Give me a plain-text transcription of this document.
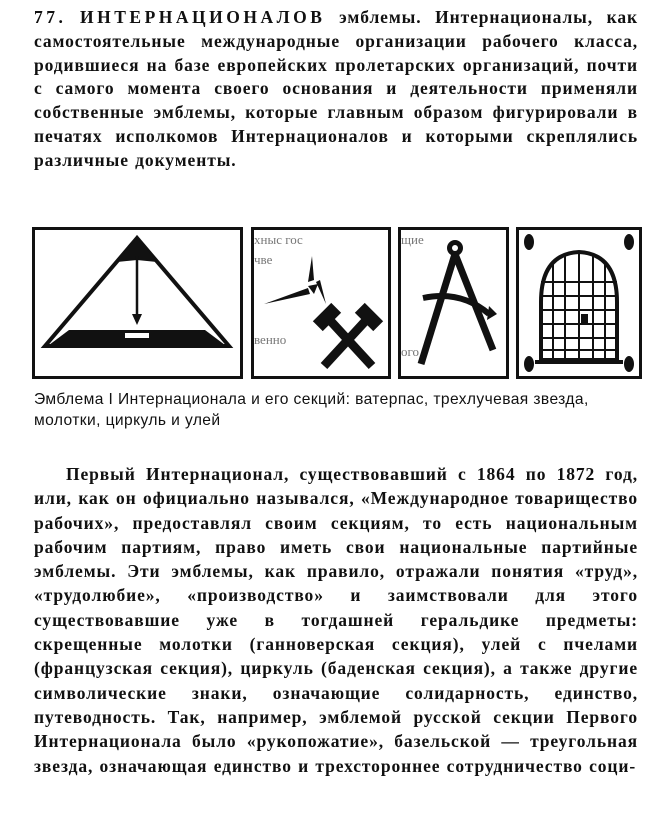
77. ИНТЕРНАЦИОНАЛОВ эмблемы. Интернационалы, как самостоятельные международные организации рабочего класса, родившиеся на базе европейских пролетарских организаций, почти с самого момента своего основания и деятельности применяли собственные эмблемы, которые главным образом фигурировали в печатях исполкомов Интернационалов и которыми скреплялись различные документы.

хныс гос
чве
венно
щие
ого

Эмблема I Интернационала и его секций: ватерпас, трехлучевая звезда, молотки, циркуль и улей

Первый Интернационал, существовавший с 1864 по 1872 год, или, как он официально назывался, «Международное товарищество рабочих», предоставлял своим секциям, то есть национальным рабочим партиям, право иметь свои национальные партийные эмблемы. Эти эмблемы, как правило, отражали понятия «труд», «трудолюбие», «производство» и заимствовали для этого существовавшие уже в тогдашней геральдике предметы: скрещенные молотки (ганноверская секция), улей с пчелами (французская секция), циркуль (баденская секция), а также другие символические знаки, означающие солидарность, единство, путеводность. Так, например, эмблемой русской секции Первого Интернационала было «рукопожатие», базельской — треугольная звезда, означающая единство и трехстороннее сотрудничество соци-
